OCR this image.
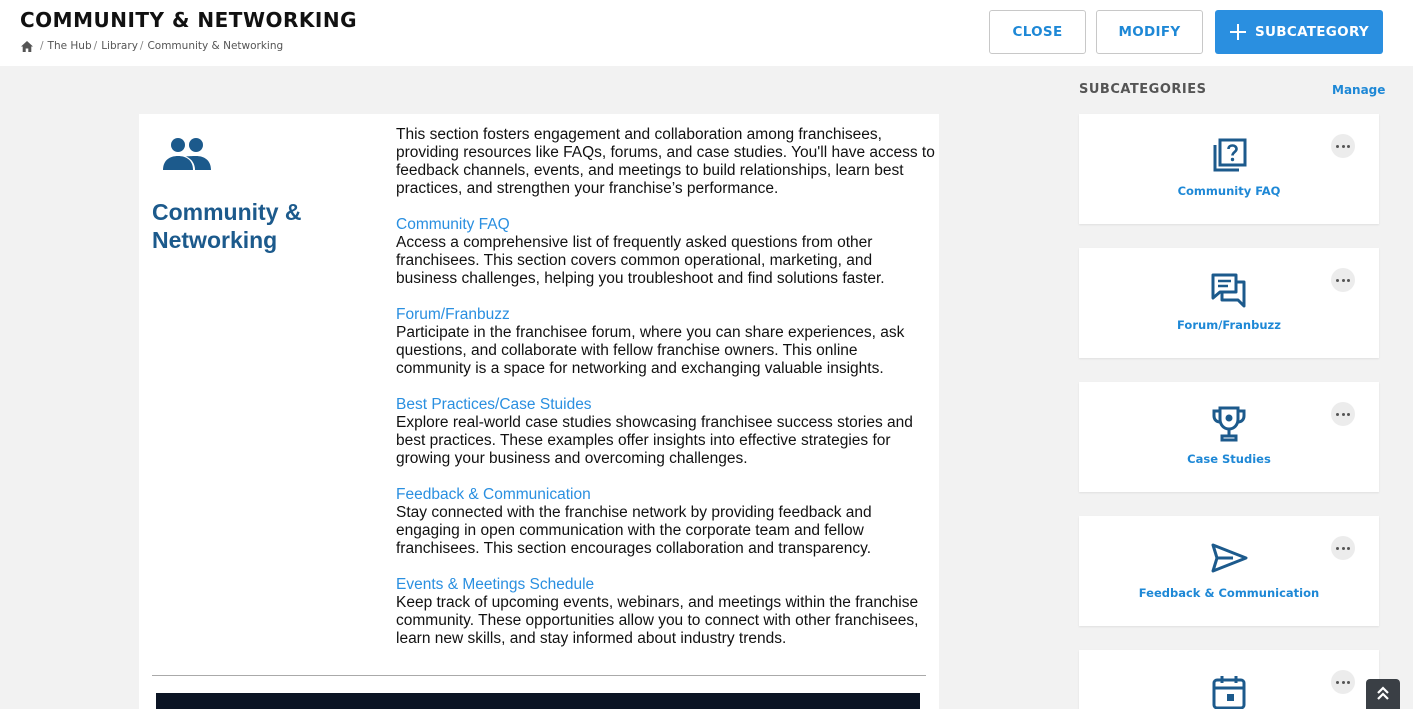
COMMUNITY & NETWORKING
/ The Hub / Library / Community & Networking
CLOSE	MODIFY	SUBCATEGORY
Community & Networking

This section fosters engagement and collaboration among franchisees, providing resources like FAQs, forums, and case studies. You'll have access to feedback channels, events, and meetings to build relationships, learn best practices, and strengthen your franchise’s performance.

Community FAQ
Access a comprehensive list of frequently asked questions from other franchisees. This section covers common operational, marketing, and business challenges, helping you troubleshoot and find solutions faster.

Forum/Franbuzz
Participate in the franchisee forum, where you can share experiences, ask questions, and collaborate with fellow franchise owners. This online community is a space for networking and exchanging valuable insights.

Best Practices/Case Stuides
Explore real-world case studies showcasing franchisee success stories and best practices. These examples offer insights into effective strategies for growing your business and overcoming challenges.

Feedback & Communication
Stay connected with the franchise network by providing feedback and engaging in open communication with the corporate team and fellow franchisees. This section encourages collaboration and transparency.

Events & Meetings Schedule
Keep track of upcoming events, webinars, and meetings within the franchise community. These opportunities allow you to connect with other franchisees, learn new skills, and stay informed about industry trends.

SUBCATEGORIES	Manage
Community FAQ
Forum/Franbuzz
Case Studies
Feedback & Communication
